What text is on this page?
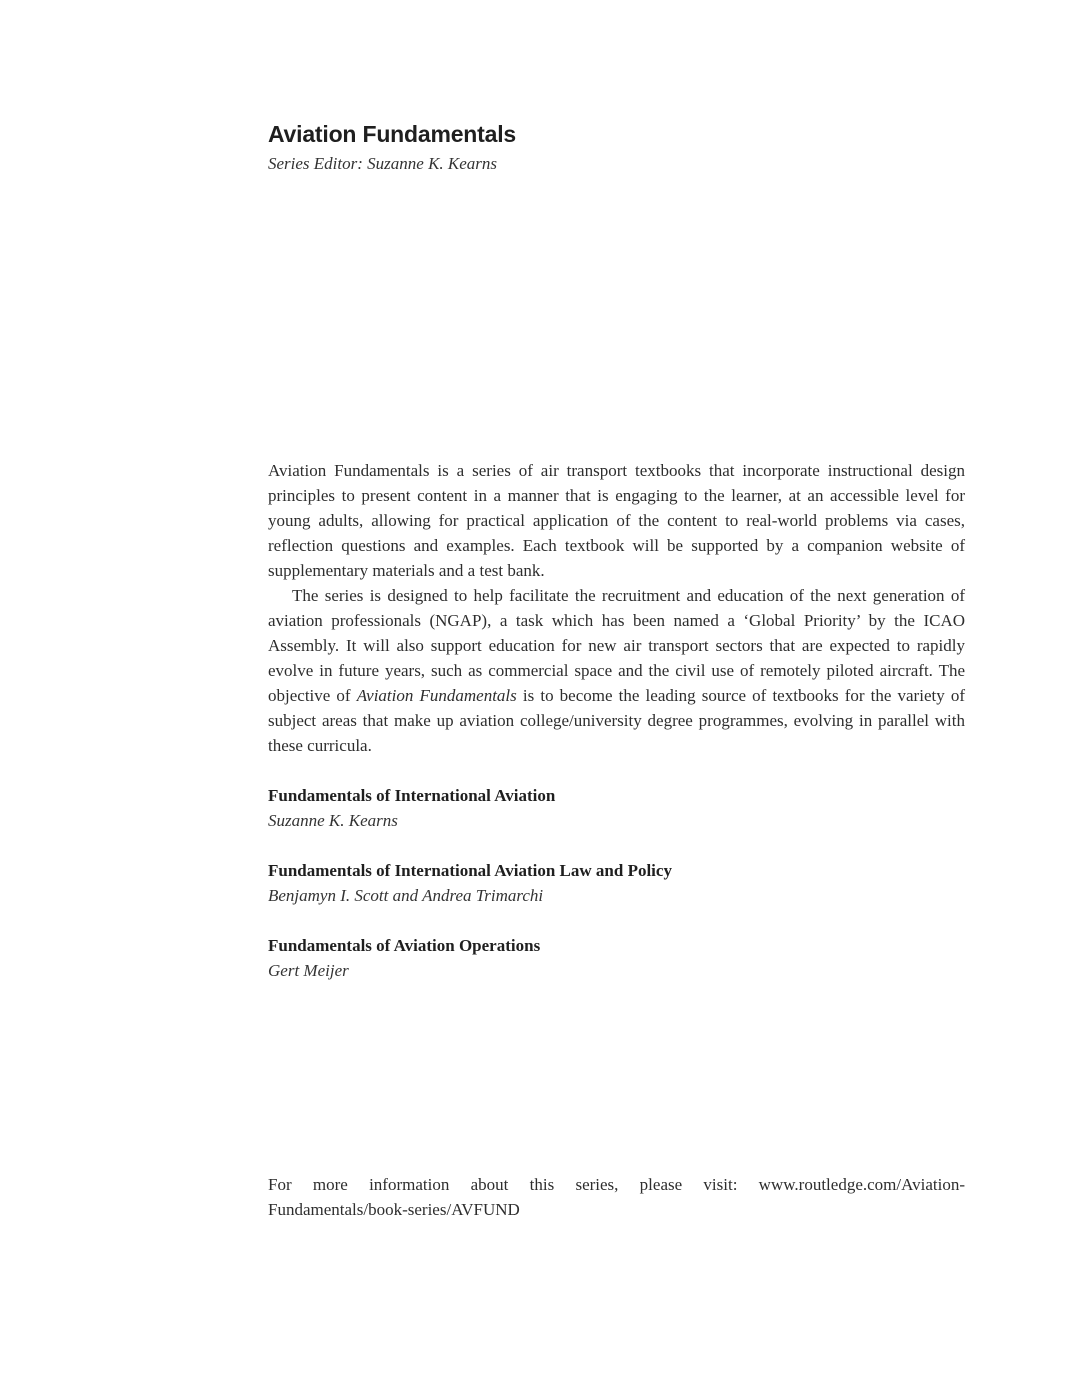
Aviation Fundamentals

Series Editor: Suzanne K. Kearns

Aviation Fundamentals is a series of air transport textbooks that incorporate instructional design principles to present content in a manner that is engaging to the learner, at an accessible level for young adults, allowing for practical application of the content to real-world problems via cases, reflection questions and examples. Each textbook will be supported by a companion website of supplementary materials and a test bank.

The series is designed to help facilitate the recruitment and education of the next generation of aviation professionals (NGAP), a task which has been named a ‘Global Priority’ by the ICAO Assembly. It will also support education for new air transport sectors that are expected to rapidly evolve in future years, such as commercial space and the civil use of remotely piloted aircraft. The objective of Aviation Fundamentals is to become the leading source of textbooks for the variety of subject areas that make up aviation college/university degree programmes, evolving in parallel with these curricula.

Fundamentals of International Aviation
Suzanne K. Kearns
Fundamentals of International Aviation Law and Policy
Benjamyn I. Scott and Andrea Trimarchi
Fundamentals of Aviation Operations
Gert Meijer
For more information about this series, please visit: www.routledge.com/Aviation-Fundamentals/book-series/AVFUND
